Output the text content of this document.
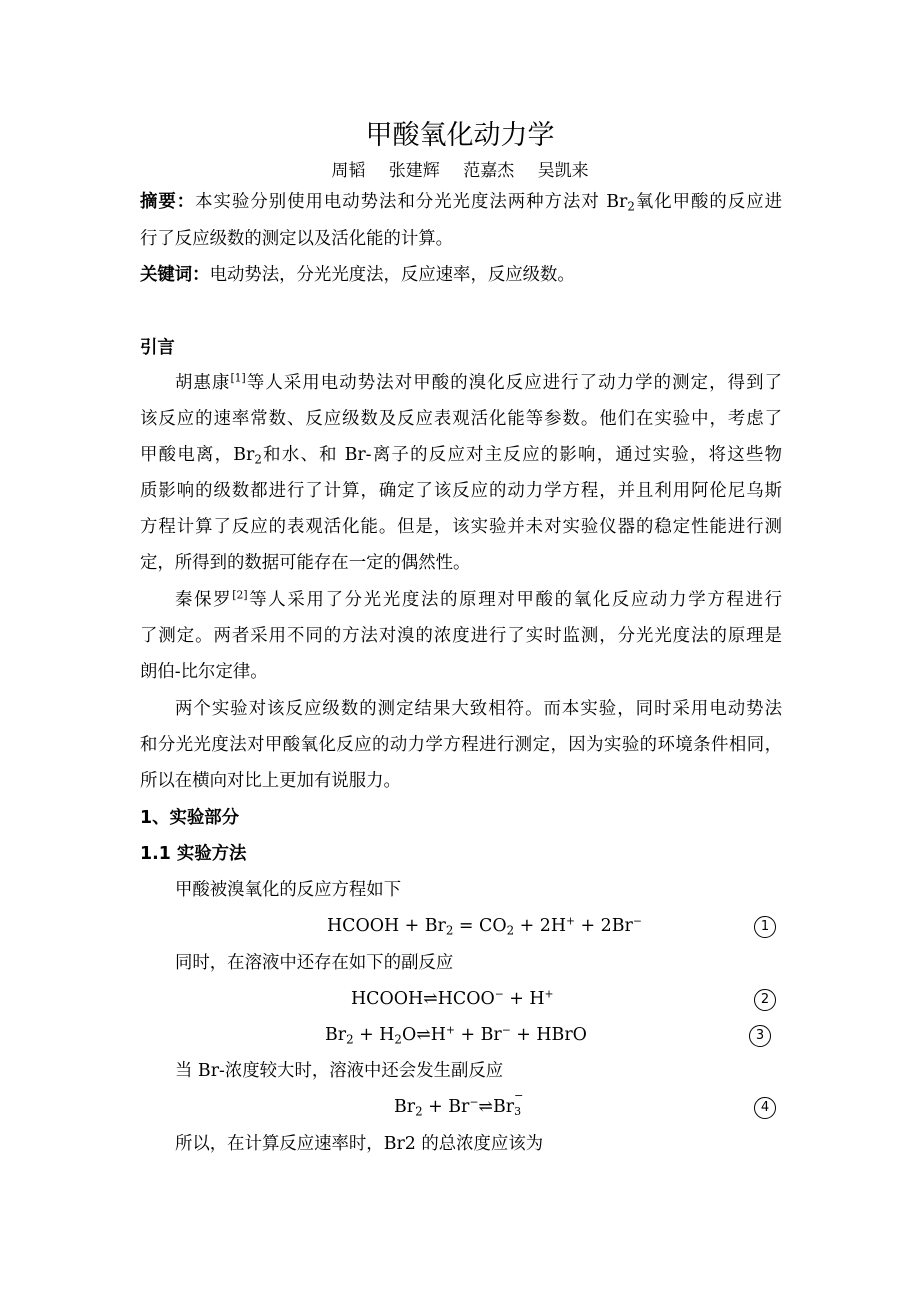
甲酸氧化动力学
周韬 张建辉 范嘉杰 吴凯来
摘要：本实验分别使用电动势法和分光光度法两种方法对 $Br_2$氧化甲酸的反应进
行了反应级数的测定以及活化能的计算。
关键词：电动势法，分光光度法，反应速率，反应级数。
引言
胡惠康[1]等人采用电动势法对甲酸的溴化反应进行了动力学的测定，得到了
该反应的速率常数、反应级数及反应表观活化能等参数。他们在实验中，考虑了
甲酸电离，$Br_2$和水、和 Br-离子的反应对主反应的影响，通过实验，将这些物
质影响的级数都进行了计算，确定了该反应的动力学方程，并且利用阿伦尼乌斯
方程计算了反应的表观活化能。但是，该实验并未对实验仪器的稳定性能进行测
定，所得到的数据可能存在一定的偶然性。
秦保罗[2]等人采用了分光光度法的原理对甲酸的氧化反应动力学方程进行
了测定。两者采用不同的方法对溴的浓度进行了实时监测，分光光度法的原理是
朗伯-比尔定律。
两个实验对该反应级数的测定结果大致相符。而本实验，同时采用电动势法
和分光光度法对甲酸氧化反应的动力学方程进行测定，因为实验的环境条件相同，
所以在横向对比上更加有说服力。
1、实验部分
1.1 实验方法
甲酸被溴氧化的反应方程如下
HCOOH + $Br_2 = CO_2 + 2H^+ + 2Br^-$	1
同时，在溶液中还存在如下的副反应
HCOOH⇌HCOO− + H+	2
$Br_2$ + $H_2O\rightleftharpoons H^+ + Br^-$ + HBrO	3
当 Br-浓度较大时，溶液中还会发生副反应
$Br_2$ + Br−⇌Br
−
3	4
所以，在计算反应速率时，Br2 的总浓度应该为
